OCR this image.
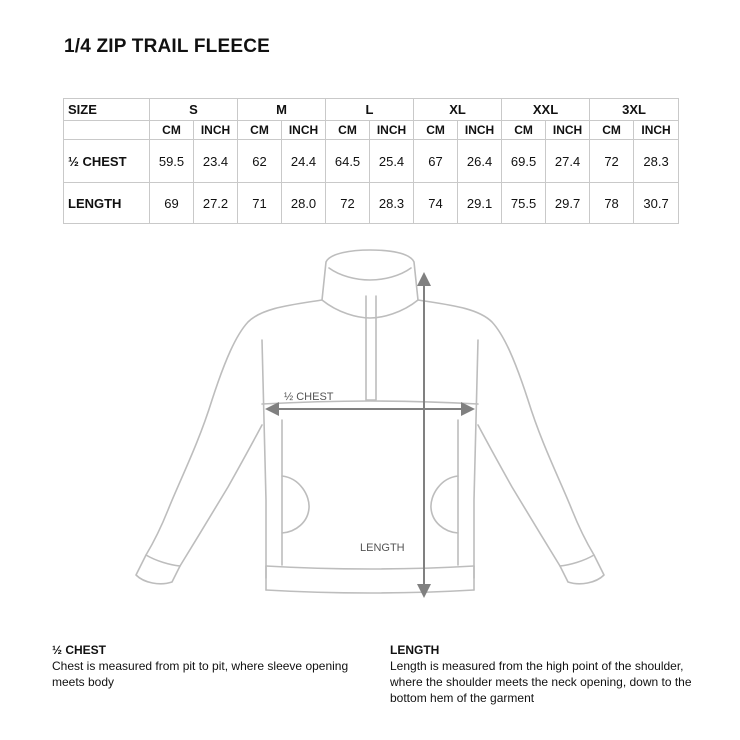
1/4 ZIP TRAIL FLEECE
SIZE	S		M		L		XL		XXL		3XL	
	CM	INCH	CM	INCH	CM	INCH	CM	INCH	CM	INCH	CM	INCH
½ CHEST	59.5	23.4	62	24.4	64.5	25.4	67	26.4	69.5	27.4	72	28.3
LENGTH	69	27.2	71	28.0	72	28.3	74	29.1	75.5	29.7	78	30.7
½ CHEST
LENGTH
½ CHEST
Chest is measured from pit to pit, where sleeve opening meets body
LENGTH
Length is measured from the high point of the shoulder, where the shoulder meets the neck opening, down to the bottom hem of the garment
